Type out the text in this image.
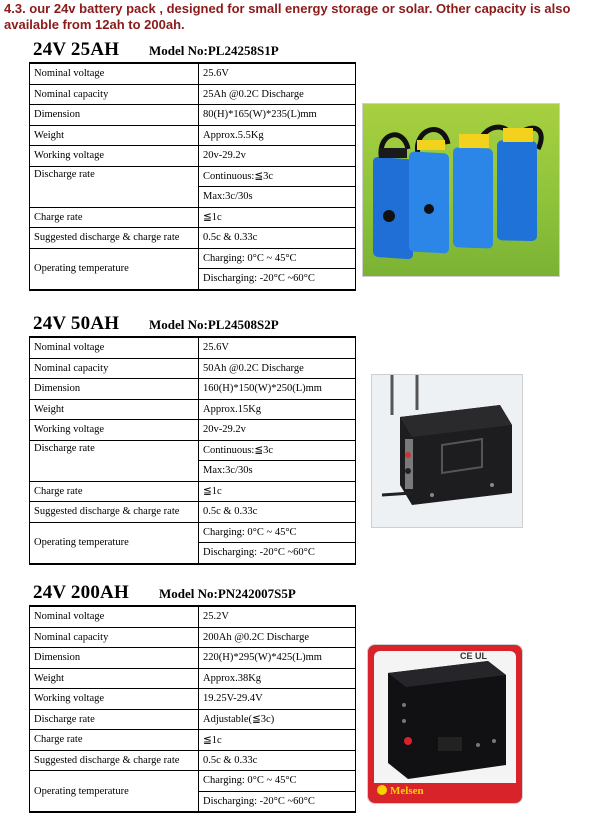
4.3. our 24v battery pack , designed for small energy storage or solar. Other capacity is also available from 12ah to 200ah.
24V 25AH Model No:PL24258S1P
Nominal voltage	25.6V
Nominal capacity	25Ah @0.2C Discharge
Dimension	80(H)*165(W)*235(L)mm
Weight	Approx.5.5Kg
Working voltage	20v-29.2v
Discharge rate	Continuous:≦3c
	Max:3c/30s
Charge rate	≦1c
Suggested discharge & charge rate	0.5c & 0.33c
Operating temperature	Charging: 0°C ~ 45°C
	Discharging: -20°C ~60°C
24V 50AH Model No:PL24508S2P
Nominal voltage	25.6V
Nominal capacity	50Ah @0.2C Discharge
Dimension	160(H)*150(W)*250(L)mm
Weight	Approx.15Kg
Working voltage	20v-29.2v
Discharge rate	Continuous:≦3c
	Max:3c/30s
Charge rate	≦1c
Suggested discharge & charge rate	0.5c & 0.33c
Operating temperature	Charging: 0°C ~ 45°C
	Discharging: -20°C ~60°C
24V 200AH Model No:PN242007S5P
Nominal voltage	25.2V
Nominal capacity	200Ah @0.2C Discharge
Dimension	220(H)*295(W)*425(L)mm
Weight	Approx.38Kg
Working voltage	19.25V-29.4V
Discharge rate	Adjustable(≦3c)
Charge rate	≦1c
Suggested discharge & charge rate	0.5c & 0.33c
Operating temperature	Charging: 0°C ~ 45°C
	Discharging: -20°C ~60°C
CE UL
Melsen
